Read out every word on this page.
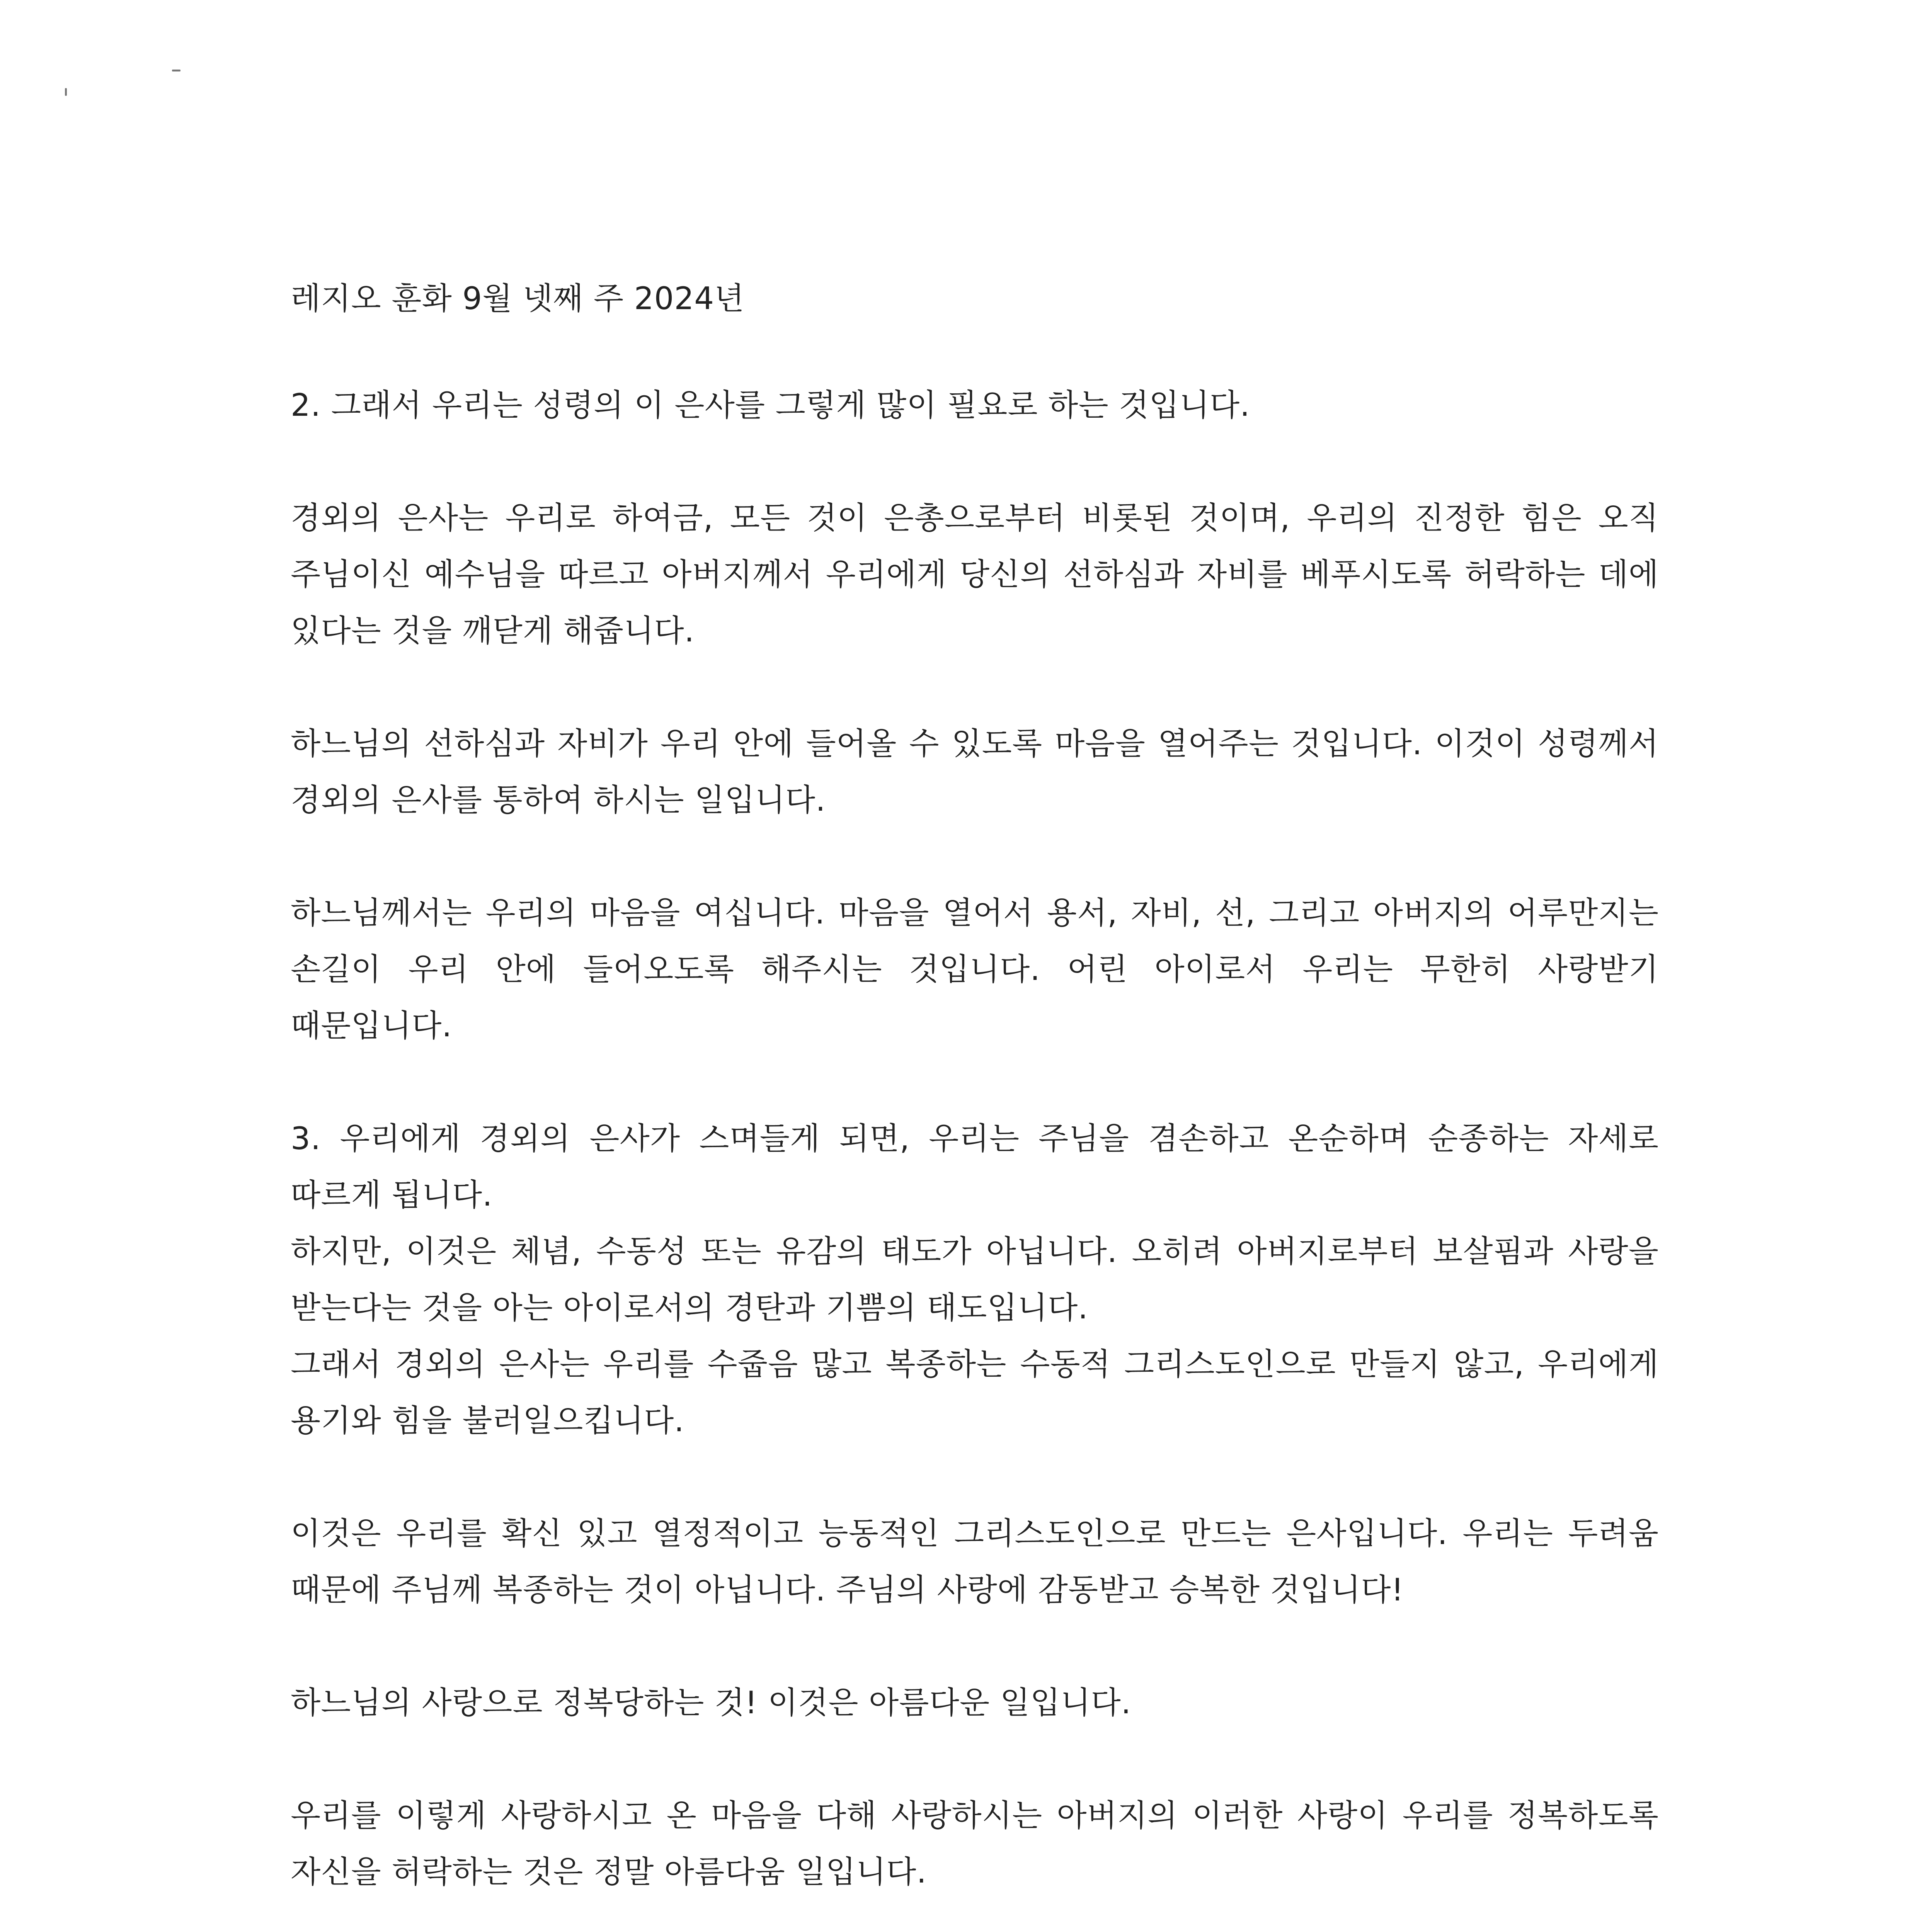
레지오 훈화 9월 넷째 주 2024년

2. 그래서 우리는 성령의 이 은사를 그렇게 많이 필요로 하는 것입니다.

경외의 은사는 우리로 하여금, 모든 것이 은총으로부터 비롯된 것이며, 우리의 진정한 힘은 오직 주님이신 예수님을 따르고 아버지께서 우리에게 당신의 선하심과 자비를 베푸시도록 허락하는 데에 있다는 것을 깨닫게 해줍니다.

하느님의 선하심과 자비가 우리 안에 들어올 수 있도록 마음을 열어주는 것입니다. 이것이 성령께서 경외의 은사를 통하여 하시는 일입니다.

하느님께서는 우리의 마음을 여십니다. 마음을 열어서 용서, 자비, 선, 그리고 아버지의 어루만지는 손길이 우리 안에 들어오도록 해주시는 것입니다. 어린 아이로서 우리는 무한히 사랑받기 때문입니다.

3. 우리에게 경외의 은사가 스며들게 되면, 우리는 주님을 겸손하고 온순하며 순종하는 자세로 따르게 됩니다.

하지만, 이것은 체념, 수동성 또는 유감의 태도가 아닙니다. 오히려 아버지로부터 보살핌과 사랑을 받는다는 것을 아는 아이로서의 경탄과 기쁨의 태도입니다.

그래서 경외의 은사는 우리를 수줍음 많고 복종하는 수동적 그리스도인으로 만들지 않고, 우리에게 용기와 힘을 불러일으킵니다.

이것은 우리를 확신 있고 열정적이고 능동적인 그리스도인으로 만드는 은사입니다. 우리는 두려움 때문에 주님께 복종하는 것이 아닙니다. 주님의 사랑에 감동받고 승복한 것입니다!

하느님의 사랑으로 정복당하는 것! 이것은 아름다운 일입니다.

우리를 이렇게 사랑하시고 온 마음을 다해 사랑하시는 아버지의 이러한 사랑이 우리를 정복하도록 자신을 허락하는 것은 정말 아름다움 일입니다.
